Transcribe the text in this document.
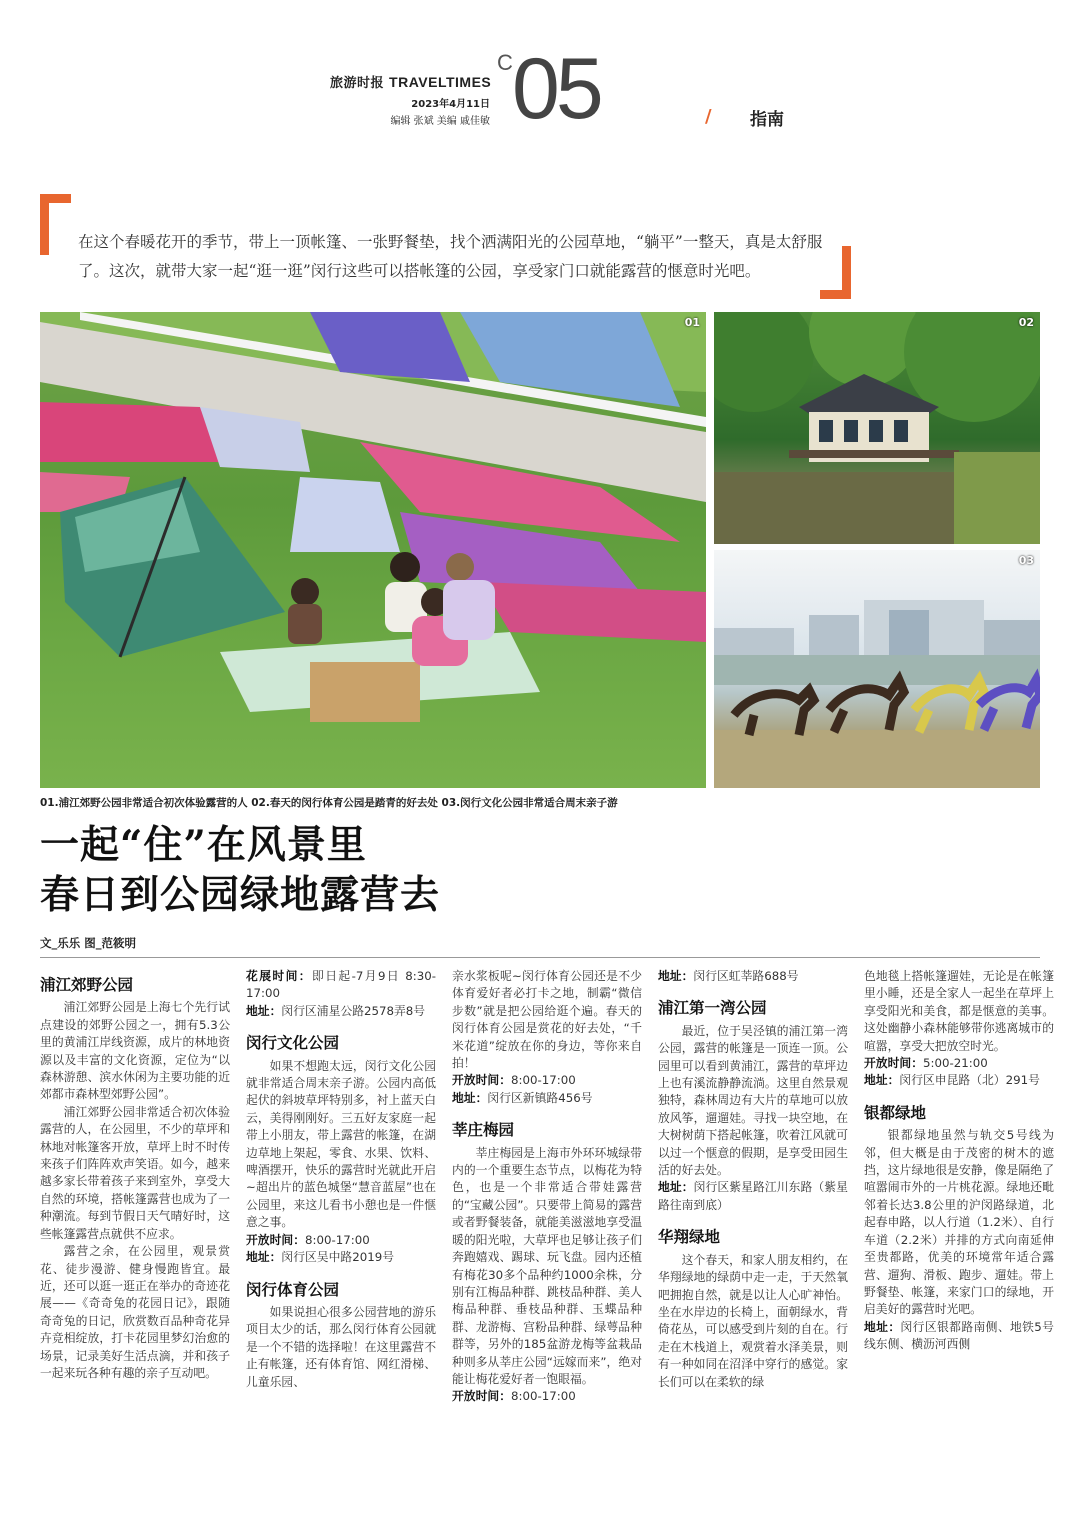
旅游时报 TRAVELTIMES
2023年4月11日
编辑 张斌 美编 戚佳敏
C 05	/ 指南
在这个春暖花开的季节，带上一顶帐篷、一张野餐垫，找个洒满阳光的公园草地，“躺平”一整天，真是太舒服了。这次，就带大家一起“逛一逛”闵行这些可以搭帐篷的公园，享受家门口就能露营的惬意时光吧。
01	02
03
01.浦江郊野公园非常适合初次体验露营的人 02.春天的闵行体育公园是踏青的好去处 03.闵行文化公园非常适合周末亲子游
一起“住”在风景里
春日到公园绿地露营去
文_乐乐 图_范筱明
浦江郊野公园

浦江郊野公园是上海七个先行试点建设的郊野公园之一，拥有5.3公里的黄浦江岸线资源，成片的林地资源以及丰富的文化资源，定位为“以森林游憩、滨水休闲为主要功能的近郊都市森林型郊野公园”。

浦江郊野公园非常适合初次体验露营的人，在公园里，不少的草坪和林地对帐篷客开放，草坪上时不时传来孩子们阵阵欢声笑语。如今，越来越多家长带着孩子来到室外，享受大自然的环境，搭帐篷露营也成为了一种潮流。每到节假日天气晴好时，这些帐篷露营点就供不应求。

露营之余，在公园里，观景赏花、徒步漫游、健身慢跑皆宜。最近，还可以逛一逛正在举办的奇迹花展——《奇奇兔的花园日记》，跟随奇奇兔的日记，欣赏数百品种奇花异卉竞相绽放，打卡花园里梦幻治愈的场景，记录美好生活点滴，并和孩子一起来玩各种有趣的亲子互动吧。

花展时间：即日起-7月9日 8:30-17:00

地址：闵行区浦星公路2578弄8号

闵行文化公园

如果不想跑太远，闵行文化公园就非常适合周末亲子游。公园内高低起伏的斜坡草坪特别多，衬上蓝天白云，美得刚刚好。三五好友家庭一起带上小朋友，带上露营的帐篷，在湖边草地上架起，零食、水果、饮料、啤酒摆开，快乐的露营时光就此开启~超出片的蓝色城堡“慧音蓝屋”也在公园里，来这儿看书小憩也是一件惬意之事。

开放时间：8:00-17:00

地址：闵行区吴中路2019号

闵行体育公园

如果说担心很多公园营地的游乐项目太少的话，那么闵行体育公园就是一个不错的选择啦！在这里露营不止有帐篷，还有体育馆、网红滑梯、儿童乐园、

亲水浆板呢~闵行体育公园还是不少体育爱好者必打卡之地，制霸“微信步数”就是把公园给逛个遍。春天的闵行体育公园是赏花的好去处，“千米花道”绽放在你的身边，等你来自拍！

开放时间：8:00-17:00

地址：闵行区新镇路456号

莘庄梅园

莘庄梅园是上海市外环环城绿带内的一个重要生态节点，以梅花为特色，也是一个非常适合带娃露营的“宝藏公园”。只要带上简易的露营或者野餐装备，就能美滋滋地享受温暖的阳光啦，大草坪也足够让孩子们奔跑嬉戏、踢球、玩飞盘。园内还植有梅花30多个品种约1000余株，分别有江梅品种群、跳枝品种群、美人梅品种群、垂枝品种群、玉蝶品种群、龙游梅、宫粉品种群、绿萼品种群等，另外的185盆游龙梅等盆栽品种则多从莘庄公园“远嫁而来”，绝对能让梅花爱好者一饱眼福。

开放时间：8:00-17:00

地址：闵行区虹莘路688号

浦江第一湾公园

最近，位于吴泾镇的浦江第一湾公园，露营的帐篷是一顶连一顶。公园里可以看到黄浦江，露营的草坪边上也有溪流静静流淌。这里自然景观独特，森林周边有大片的草地可以放放风筝，遛遛娃。寻找一块空地，在大树树荫下搭起帐篷，吹着江风就可以过一个惬意的假期，是享受田园生活的好去处。

地址：闵行区紫星路江川东路（紫星路往南到底）

华翔绿地

这个春天，和家人朋友相约，在华翔绿地的绿荫中走一走，于天然氧吧拥抱自然，就是以让人心旷神怡。坐在水岸边的长椅上，面朝绿水，背倚花丛，可以感受到片刻的自在。行走在木栈道上，观赏着水泽美景，则有一种如同在沼泽中穿行的感觉。家长们可以在柔软的绿

色地毯上搭帐篷遛娃，无论是在帐篷里小睡，还是全家人一起坐在草坪上享受阳光和美食，都是惬意的美事。这处幽静小森林能够带你逃离城市的喧嚣，享受大把放空时光。

开放时间：5:00-21:00

地址：闵行区申昆路（北）291号

银都绿地

银都绿地虽然与轨交5号线为邻，但大概是由于茂密的树木的遮挡，这片绿地很是安静，像是隔绝了喧嚣闹市外的一片桃花源。绿地还毗邻着长达3.8公里的沪闵路绿道，北起春申路，以人行道（1.2米）、自行车道（2.2米）并排的方式向南延伸至贵都路，优美的环境常年适合露营、遛狗、滑板、跑步、遛娃。带上野餐垫、帐篷，来家门口的绿地，开启美好的露营时光吧。

地址：闵行区银都路南侧、地铁5号线东侧、横沥河西侧
